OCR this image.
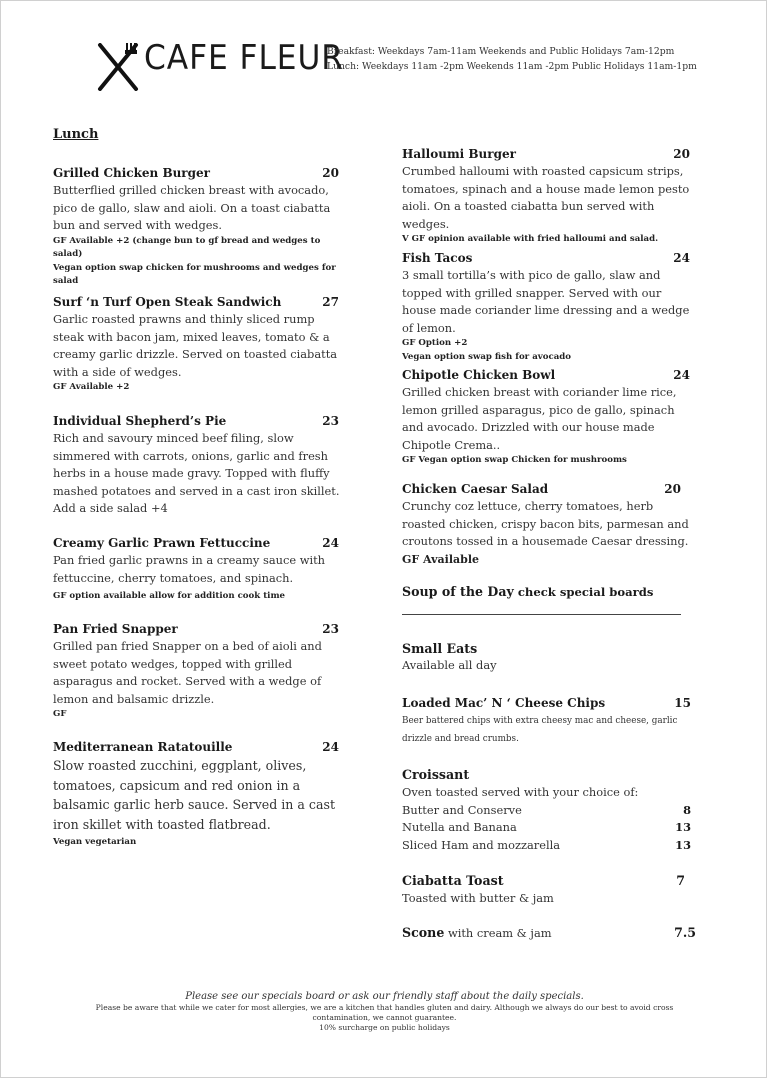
CAFE FLEUR
Breakfast: Weekdays 7am-11am Weekends and Public Holidays 7am-12pm
Lunch: Weekdays 11am -2pm Weekends 11am -2pm Public Holidays 11am-1pm
Lunch
Grilled Chicken Burger	20
Butterflied grilled chicken breast with avocado, pico de gallo, slaw and aioli. On a toast ciabatta bun and served with wedges.
GF Available +2 (change bun to gf bread and wedges to salad)
Vegan option swap chicken for mushrooms and wedges for salad
Surf ‘n Turf Open Steak Sandwich	27
Garlic roasted prawns and thinly sliced rump steak with bacon jam, mixed leaves, tomato & a creamy garlic drizzle. Served on toasted ciabatta with a side of wedges.
GF Available +2
Individual Shepherd’s Pie	23
Rich and savoury minced beef filing, slow simmered with carrots, onions, garlic and fresh herbs in a house made gravy. Topped with fluffy mashed potatoes and served in a cast iron skillet.
Add a side salad +4
Creamy Garlic Prawn Fettuccine	24
Pan fried garlic prawns in a creamy sauce with fettuccine, cherry tomatoes, and spinach.
GF option available allow for addition cook time
Pan Fried Snapper	23
Grilled pan fried Snapper on a bed of aioli and sweet potato wedges, topped with grilled asparagus and rocket. Served with a wedge of lemon and balsamic drizzle.
GF
Mediterranean Ratatouille	24
Slow roasted zucchini, eggplant, olives, tomatoes, capsicum and red onion in a balsamic garlic herb sauce. Served in a cast iron skillet with toasted flatbread.
Vegan vegetarian
Halloumi Burger	20
Crumbed halloumi with roasted capsicum strips, tomatoes, spinach and a house made lemon pesto aioli. On a toasted ciabatta bun served with wedges.
V GF opinion available with fried halloumi and salad.
Fish Tacos	24
3 small tortilla’s with pico de gallo, slaw and topped with grilled snapper. Served with our house made coriander lime dressing and a wedge of lemon.
GF Option +2
Vegan option swap fish for avocado
Chipotle Chicken Bowl	24
Grilled chicken breast with coriander lime rice, lemon grilled asparagus, pico de gallo, spinach and avocado. Drizzled with our house made Chipotle Crema..
GF Vegan option swap Chicken for mushrooms
Chicken Caesar Salad	20
Crunchy coz lettuce, cherry tomatoes, herb roasted chicken, crispy bacon bits, parmesan and croutons tossed in a housemade Caesar dressing.
GF Available
Soup of the Day check special boards
Small Eats
Available all day
Loaded Mac’ N ‘ Cheese Chips	15
Beer battered chips with extra cheesy mac and cheese, garlic drizzle and bread crumbs.
Croissant
Oven toasted served with your choice of:
Butter and Conserve	8
Nutella and Banana	13
Sliced Ham and mozzarella	13
Ciabatta Toast	7
Toasted with butter & jam
Scone with cream & jam	7.5
Please see our specials board or ask our friendly staff about the daily specials.
Please be aware that while we cater for most allergies, we are a kitchen that handles gluten and dairy. Although we always do our best to avoid cross contamination, we cannot guarantee.
10% surcharge on public holidays
